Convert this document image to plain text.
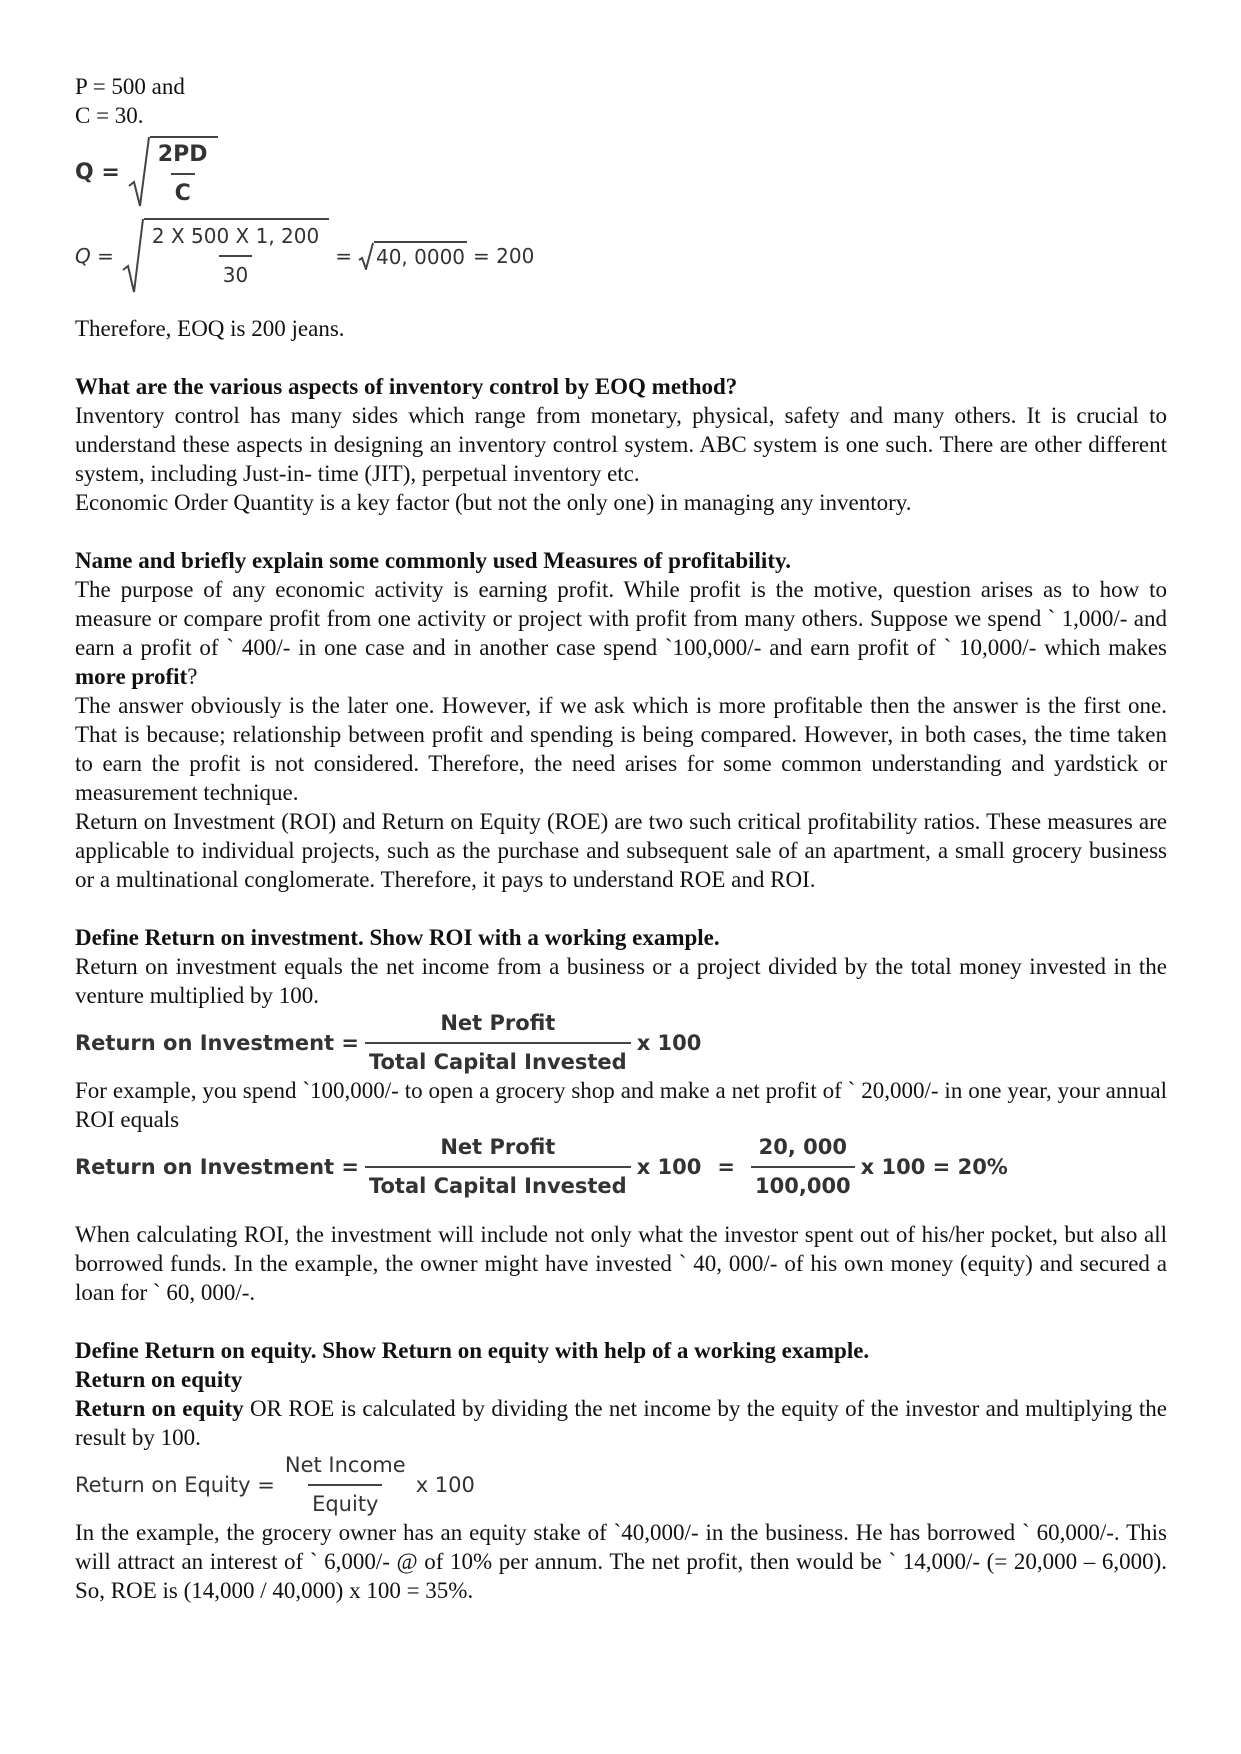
P = 500 and

C = 30.

$Q = \frac{2PD}{C}$
$Q = \frac{2 X 500 X 1, 200}{30} = 40$, 0000 = 200

Therefore, EOQ is 200 jeans.

What are the various aspects of inventory control by EOQ method?

Inventory control has many sides which range from monetary, physical, safety and many others. It is crucial to understand these aspects in designing an inventory control system. ABC system is one such. There are other different system, including Just-in- time (JIT), perpetual inventory etc.

Economic Order Quantity is a key factor (but not the only one) in managing any inventory.

Name and briefly explain some commonly used Measures of profitability.

The purpose of any economic activity is earning profit. While profit is the motive, question arises as to how to measure or compare profit from one activity or project with profit from many others. Suppose we spend ` 1,000/- and earn a profit of ` 400/- in one case and in another case spend `100,000/- and earn profit of ` 10,000/- which makes more profit?

The answer obviously is the later one. However, if we ask which is more profitable then the answer is the first one. That is because; relationship between profit and spending is being compared. However, in both cases, the time taken to earn the profit is not considered. Therefore, the need arises for some common understanding and yardstick or measurement technique.

Return on Investment (ROI) and Return on Equity (ROE) are two such critical profitability ratios. These measures are applicable to individual projects, such as the purchase and subsequent sale of an apartment, a small grocery business or a multinational conglomerate. Therefore, it pays to understand ROE and ROI.

Define Return on investment. Show ROI with a working example.

Return on investment equals the net income from a business or a project divided by the total money invested in the venture multiplied by 100.

Return on Investment = $\frac{\text{Net Profit}}{\text{Total Capital Invested}}$ x 100

For example, you spend `100,000/- to open a grocery shop and make a net profit of ` 20,000/- in one year, your annual ROI equals

Return on Investment = $\frac{\text{Net Profit}}{\text{Total Capital Invested}}$ x $100 = \frac{20, 000}{100,000}$ x 100 = 20%

When calculating ROI, the investment will include not only what the investor spent out of his/her pocket, but also all borrowed funds. In the example, the owner might have invested ` 40, 000/- of his own money (equity) and secured a loan for ` 60, 000/-.

Define Return on equity. Show Return on equity with help of a working example.
Return on equity

Return on equity OR ROE is calculated by dividing the net income by the equity of the investor and multiplying the result by 100.

Return on Equity = $\frac{\text{Net Income}}{\text{Equity}}$ x 100

In the example, the grocery owner has an equity stake of `40,000/- in the business. He has borrowed ` 60,000/-. This will attract an interest of ` 6,000/- @ of 10% per annum. The net profit, then would be ` 14,000/- (= 20,000 – 6,000). So, ROE is (14,000 / 40,000) x 100 = 35%.
